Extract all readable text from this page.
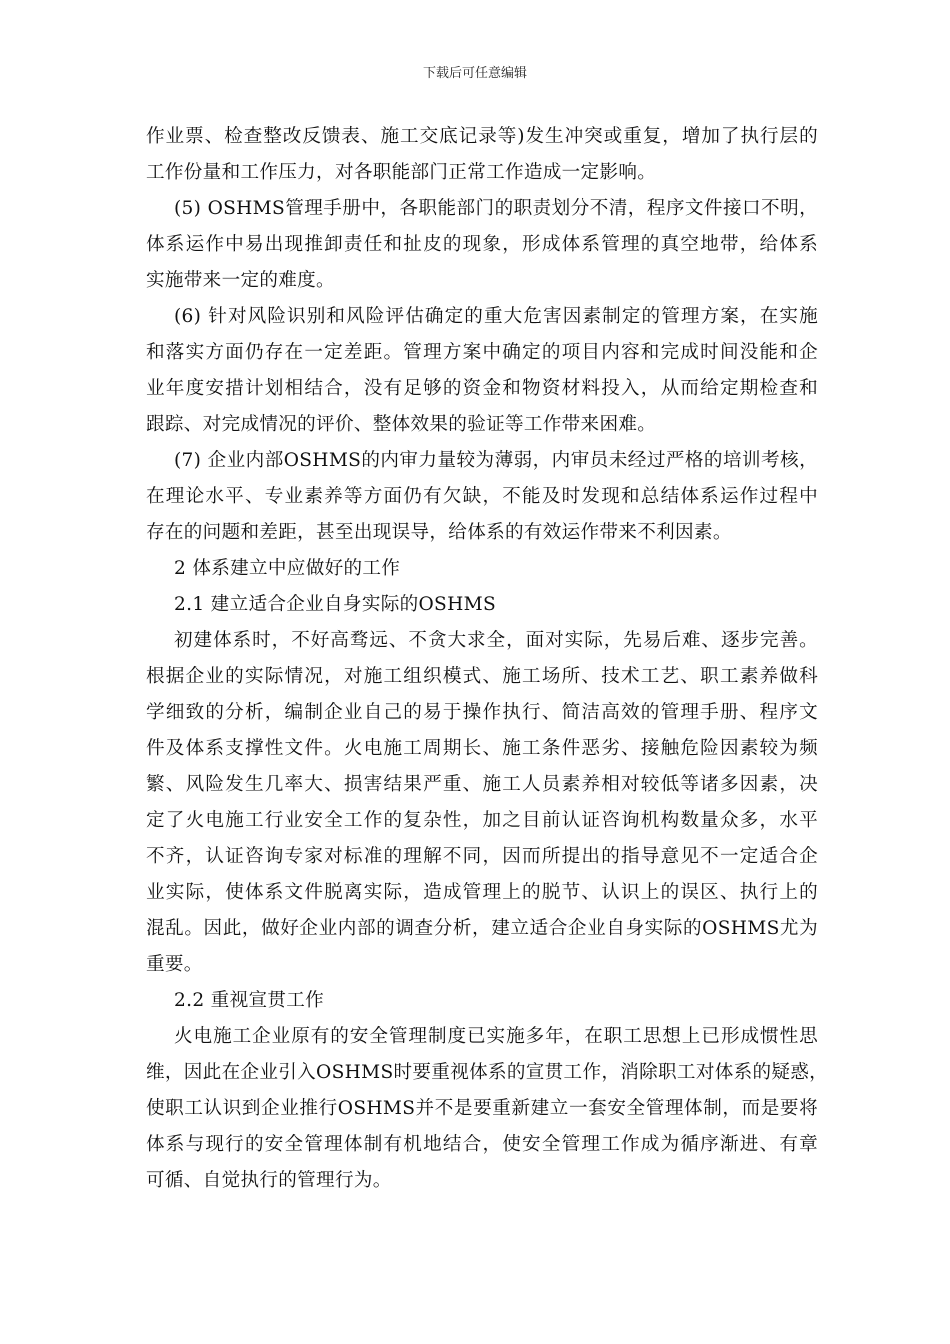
下载后可任意编辑
作业票、检查整改反馈表、施工交底记录等)发生冲突或重复，增加了执行层的
工作份量和工作压力，对各职能部门正常工作造成一定影响。
(5) OSHMS管理手册中，各职能部门的职责划分不清，程序文件接口不明，
体系运作中易出现推卸责任和扯皮的现象，形成体系管理的真空地带，给体系
实施带来一定的难度。
(6) 针对风险识别和风险评估确定的重大危害因素制定的管理方案，在实施
和落实方面仍存在一定差距。管理方案中确定的项目内容和完成时间没能和企
业年度安措计划相结合，没有足够的资金和物资材料投入，从而给定期检查和
跟踪、对完成情况的评价、整体效果的验证等工作带来困难。
(7) 企业内部OSHMS的内审力量较为薄弱，内审员未经过严格的培训考核，
在理论水平、专业素养等方面仍有欠缺，不能及时发现和总结体系运作过程中
存在的问题和差距，甚至出现误导，给体系的有效运作带来不利因素。
2 体系建立中应做好的工作
2.1 建立适合企业自身实际的OSHMS
初建体系时，不好高骛远、不贪大求全，面对实际，先易后难、逐步完善。
根据企业的实际情况，对施工组织模式、施工场所、技术工艺、职工素养做科
学细致的分析，编制企业自己的易于操作执行、简洁高效的管理手册、程序文
件及体系支撑性文件。火电施工周期长、施工条件恶劣、接触危险因素较为频
繁、风险发生几率大、损害结果严重、施工人员素养相对较低等诸多因素，决
定了火电施工行业安全工作的复杂性，加之目前认证咨询机构数量众多，水平
不齐，认证咨询专家对标准的理解不同，因而所提出的指导意见不一定适合企
业实际，使体系文件脱离实际，造成管理上的脱节、认识上的误区、执行上的
混乱。因此，做好企业内部的调查分析，建立适合企业自身实际的OSHMS尤为
重要。
2.2 重视宣贯工作
火电施工企业原有的安全管理制度已实施多年，在职工思想上已形成惯性思
维，因此在企业引入OSHMS时要重视体系的宣贯工作，消除职工对体系的疑惑，
使职工认识到企业推行OSHMS并不是要重新建立一套安全管理体制，而是要将
体系与现行的安全管理体制有机地结合，使安全管理工作成为循序渐进、有章
可循、自觉执行的管理行为。
